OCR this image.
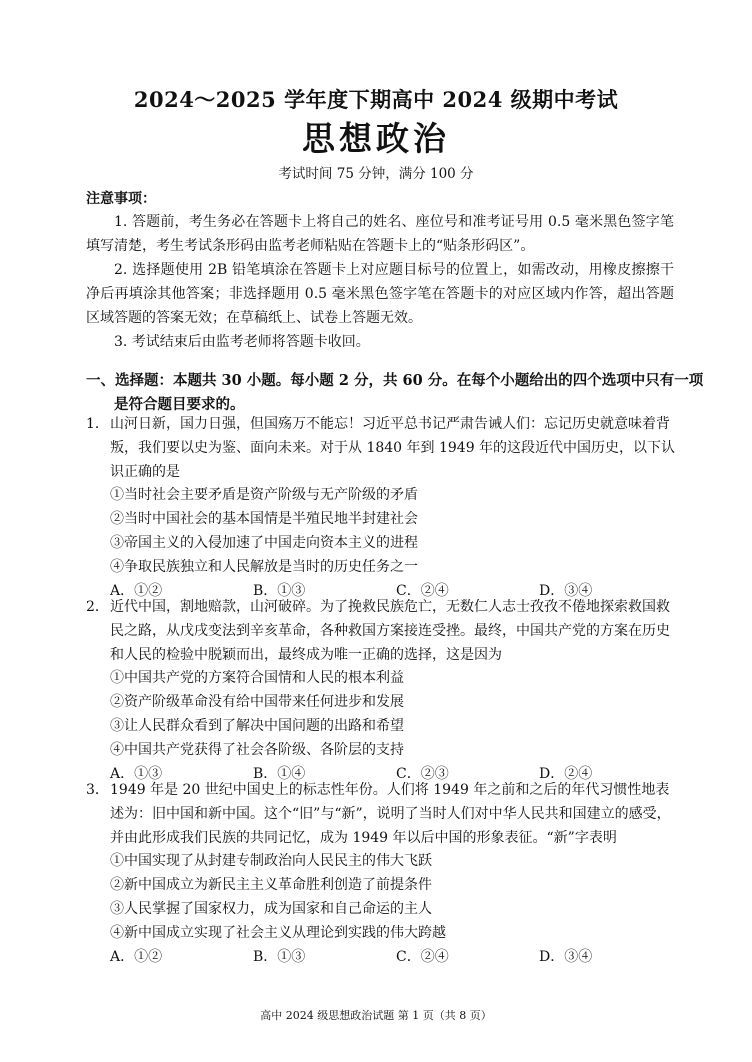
2024～2025 学年度下期高中 2024 级期中考试
思想政治
考试时间 75 分钟，满分 100 分
注意事项：

1. 答题前，考生务必在答题卡上将自己的姓名、座位号和准考证号用 0.5 毫米黑色签字笔填写清楚，考生考试条形码由监考老师粘贴在答题卡上的“贴条形码区”。

2. 选择题使用 2B 铅笔填涂在答题卡上对应题目标号的位置上，如需改动，用橡皮擦擦干净后再填涂其他答案；非选择题用 0.5 毫米黑色签字笔在答题卡的对应区域内作答，超出答题区域答题的答案无效；在草稿纸上、试卷上答题无效。

3. 考试结束后由监考老师将答题卡收回。

一、选择题：本题共 30 小题。每小题 2 分，共 60 分。在每个小题给出的四个选项中只有一项是符合题目要求的。

1． 山河日新，国力日强，但国殇万不能忘！习近平总书记严肃告诫人们：忘记历史就意味着背叛，我们要以史为鉴、面向未来。对于从 1840 年到 1949 年的这段近代中国历史，以下认识正确的是

①当时社会主要矛盾是资产阶级与无产阶级的矛盾

②当时中国社会的基本国情是半殖民地半封建社会

③帝国主义的入侵加速了中国走向资本主义的进程

④争取民族独立和人民解放是当时的历史任务之一

A．①②	B．①③	C．②④	D．③④

2． 近代中国，割地赔款，山河破碎。为了挽救民族危亡，无数仁人志士孜孜不倦地探索救国救民之路，从戊戌变法到辛亥革命，各种救国方案接连受挫。最终，中国共产党的方案在历史和人民的检验中脱颖而出，最终成为唯一正确的选择，这是因为

①中国共产党的方案符合国情和人民的根本利益

②资产阶级革命没有给中国带来任何进步和发展

③让人民群众看到了解决中国问题的出路和希望

④中国共产党获得了社会各阶级、各阶层的支持

A．①③	B．①④	C．②③	D．②④

3． 1949 年是 20 世纪中国史上的标志性年份。人们将 1949 年之前和之后的年代习惯性地表述为：旧中国和新中国。这个“旧”与“新”，说明了当时人们对中华人民共和国建立的感受，并由此形成我们民族的共同记忆，成为 1949 年以后中国的形象表征。“新”字表明

①中国实现了从封建专制政治向人民民主的伟大飞跃

②新中国成立为新民主主义革命胜利创造了前提条件

③人民掌握了国家权力，成为国家和自己命运的主人

④新中国成立实现了社会主义从理论到实践的伟大跨越

A．①②	B．①③	C．②④	D．③④
高中 2024 级思想政治试题 第 1 页（共 8 页）
